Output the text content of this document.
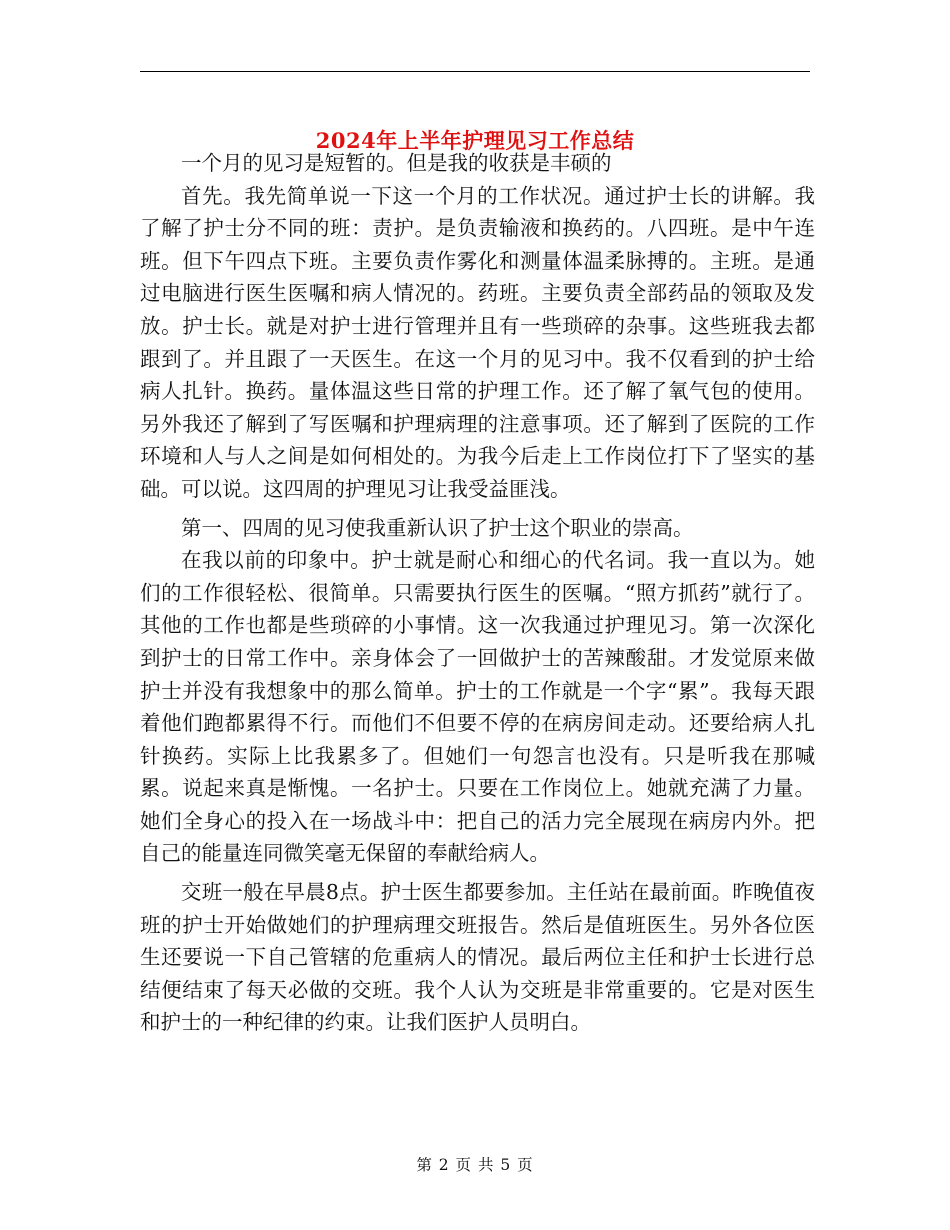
2024年上半年护理见习工作总结

一个月的见习是短暂的。但是我的收获是丰硕的

首先。我先简单说一下这一个月的工作状况。通过护士长的讲解。我了解了护士分不同的班：责护。是负责输液和换药的。八四班。是中午连班。但下午四点下班。主要负责作雾化和测量体温柔脉搏的。主班。是通过电脑进行医生医嘱和病人情况的。药班。主要负责全部药品的领取及发放。护士长。就是对护士进行管理并且有一些琐碎的杂事。这些班我去都跟到了。并且跟了一天医生。在这一个月的见习中。我不仅看到的护士给病人扎针。换药。量体温这些日常的护理工作。还了解了氧气包的使用。另外我还了解到了写医嘱和护理病理的注意事项。还了解到了医院的工作环境和人与人之间是如何相处的。为我今后走上工作岗位打下了坚实的基础。可以说。这四周的护理见习让我受益匪浅。

第一、四周的见习使我重新认识了护士这个职业的崇高。

在我以前的印象中。护士就是耐心和细心的代名词。我一直以为。她们的工作很轻松、很简单。只需要执行医生的医嘱。“照方抓药”就行了。其他的工作也都是些琐碎的小事情。这一次我通过护理见习。第一次深化到护士的日常工作中。亲身体会了一回做护士的苦辣酸甜。才发觉原来做护士并没有我想象中的那么简单。护士的工作就是一个字“累”。我每天跟着他们跑都累得不行。而他们不但要不停的在病房间走动。还要给病人扎针换药。实际上比我累多了。但她们一句怨言也没有。只是听我在那喊累。说起来真是惭愧。一名护士。只要在工作岗位上。她就充满了力量。她们全身心的投入在一场战斗中：把自己的活力完全展现在病房内外。把自己的能量连同微笑毫无保留的奉献给病人。

交班一般在早晨8点。护士医生都要参加。主任站在最前面。昨晚值夜班的护士开始做她们的护理病理交班报告。然后是值班医生。另外各位医生还要说一下自己管辖的危重病人的情况。最后两位主任和护士长进行总结便结束了每天必做的交班。我个人认为交班是非常重要的。它是对医生和护士的一种纪律的约束。让我们医护人员明白。

第 2 页 共 5 页
